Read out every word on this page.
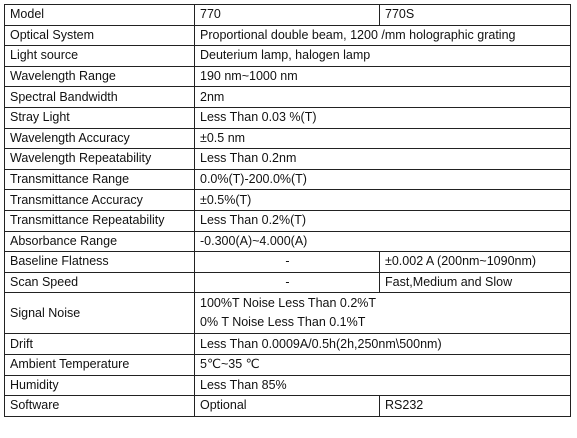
Model	770	770S
Optical System	Proportional double beam, 1200 /mm holographic grating	
Light source	Deuterium lamp, halogen lamp	
Wavelength Range	190 nm~1000 nm	
Spectral Bandwidth	2nm	
Stray Light	Less Than 0.03 %(T)	
Wavelength Accuracy	±0.5 nm	
Wavelength Repeatability	Less Than 0.2nm	
Transmittance Range	0.0%(T)-200.0%(T)	
Transmittance Accuracy	±0.5%(T)	
Transmittance Repeatability	Less Than 0.2%(T)	
Absorbance Range	-0.300(A)~4.000(A)	
Baseline Flatness	-	±0.002 A (200nm~1090nm)
Scan Speed	-	Fast,Medium and Slow
Signal Noise	100%T Noise Less Than 0.2%T
0% T Noise Less Than 0.1%T	

Drift	Less Than 0.0009A/0.5h(2h,250nm\500nm)	
Ambient Temperature	5℃~35 ℃	
Humidity	Less Than 85%	
Software	Optional	RS232
